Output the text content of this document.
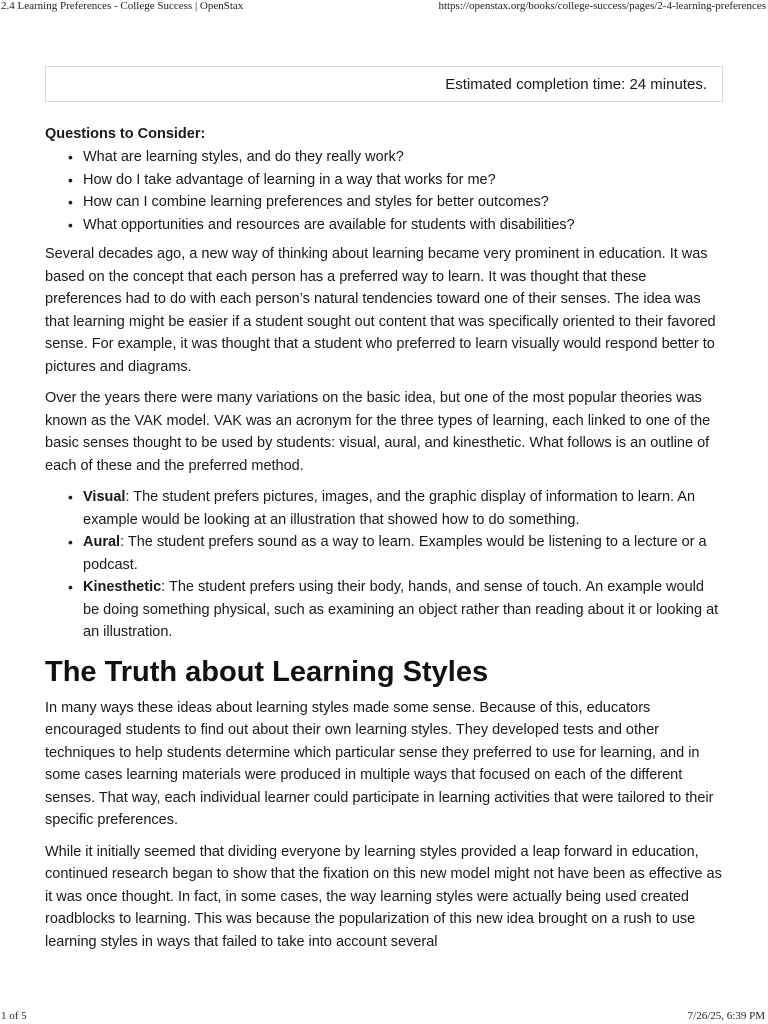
2.4 Learning Preferences - College Success | OpenStax	https://openstax.org/books/college-success/pages/2-4-learning-preferences
Estimated completion time: 24 minutes.
Questions to Consider:
• What are learning styles, and do they really work?
• How do I take advantage of learning in a way that works for me?
• How can I combine learning preferences and styles for better outcomes?
• What opportunities and resources are available for students with disabilities?

Several decades ago, a new way of thinking about learning became very prominent in education. It was based on the concept that each person has a preferred way to learn. It was thought that these preferences had to do with each person’s natural tendencies toward one of their senses. The idea was that learning might be easier if a student sought out content that was specifically oriented to their favored sense. For example, it was thought that a student who preferred to learn visually would respond better to pictures and diagrams.

Over the years there were many variations on the basic idea, but one of the most popular theories was known as the VAK model. VAK was an acronym for the three types of learning, each linked to one of the basic senses thought to be used by students: visual, aural, and kinesthetic. What follows is an outline of each of these and the preferred method.

• Visual: The student prefers pictures, images, and the graphic display of information to learn. An example would be looking at an illustration that showed how to do something.
• Aural: The student prefers sound as a way to learn. Examples would be listening to a lecture or a podcast.
• Kinesthetic: The student prefers using their body, hands, and sense of touch. An example would be doing something physical, such as examining an object rather than reading about it or looking at an illustration.
The Truth about Learning Styles

In many ways these ideas about learning styles made some sense. Because of this, educators encouraged students to find out about their own learning styles. They developed tests and other techniques to help students determine which particular sense they preferred to use for learning, and in some cases learning materials were produced in multiple ways that focused on each of the different senses. That way, each individual learner could participate in learning activities that were tailored to their specific preferences.

While it initially seemed that dividing everyone by learning styles provided a leap forward in education, continued research began to show that the fixation on this new model might not have been as effective as it was once thought. In fact, in some cases, the way learning styles were actually being used created roadblocks to learning. This was because the popularization of this new idea brought on a rush to use learning styles in ways that failed to take into account several

1 of 5	7/26/25, 6:39 PM
